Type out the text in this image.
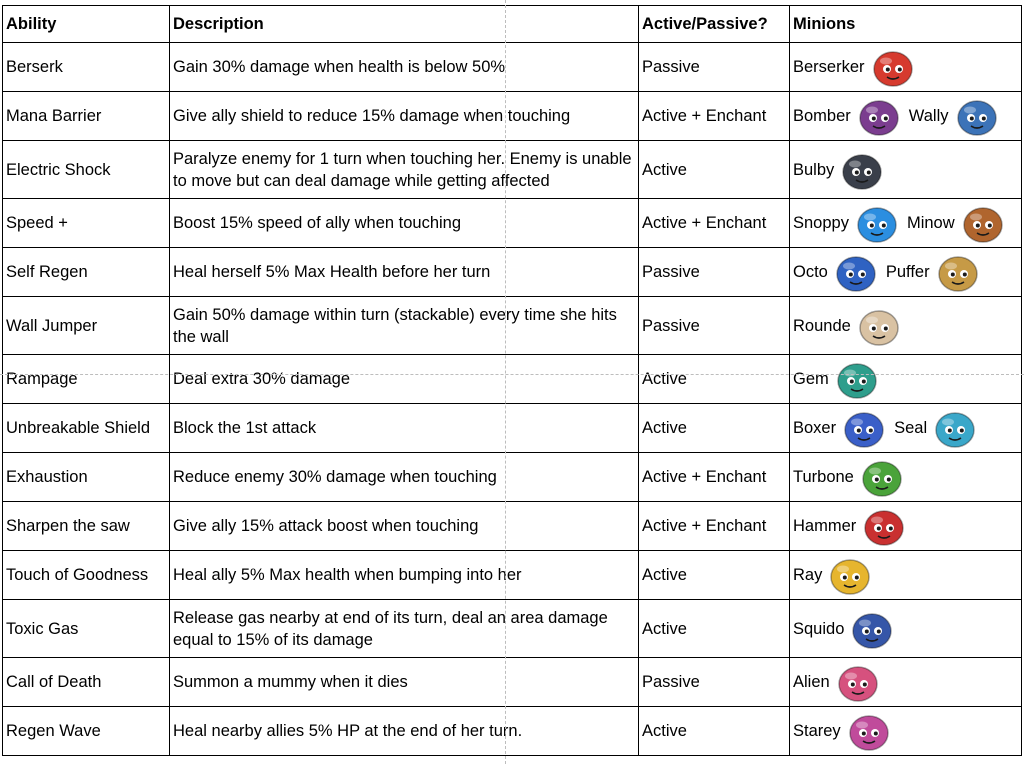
Ability	Description	Active/Passive?	Minions
Berserk	Gain 30% damage when health is below 50%	Passive	Berserker

Mana Barrier	Give ally shield to reduce 15% damage when touching	Active + Enchant	Bomber Wally

Electric Shock	Paralyze enemy for 1 turn when touching her. Enemy is unable to move but can deal damage while getting affected	Active	Bulby

Speed +	Boost 15% speed of ally when touching	Active + Enchant	Snoppy Minow

Self Regen	Heal herself 5% Max Health before her turn	Passive	Octo Puffer

Wall Jumper	Gain 50% damage within turn (stackable) every time she hits the wall	Passive	Rounde

Rampage	Deal extra 30% damage	Active	Gem

Unbreakable Shield	Block the 1st attack	Active	Boxer Seal

Exhaustion	Reduce enemy 30% damage when touching	Active + Enchant	Turbone

Sharpen the saw	Give ally 15% attack boost when touching	Active + Enchant	Hammer

Touch of Goodness	Heal ally 5% Max health when bumping into her	Active	Ray

Toxic Gas	Release gas nearby at end of its turn, deal an area damage equal to 15% of its damage	Active	Squido

Call of Death	Summon a mummy when it dies	Passive	Alien

Regen Wave	Heal nearby allies 5% HP at the end of her turn.	Active	Starey
